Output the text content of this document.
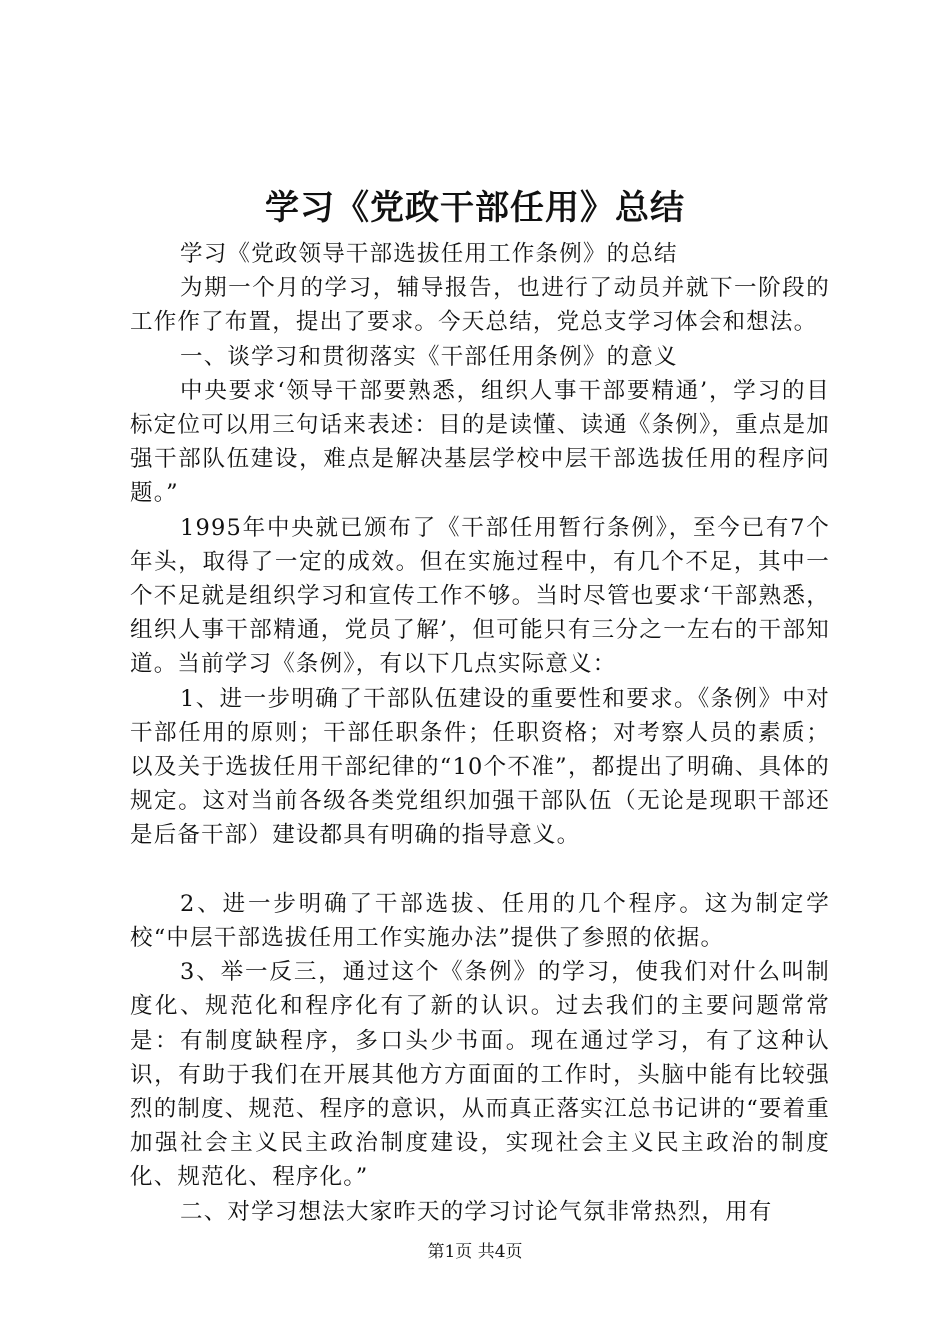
学习《党政干部任用》总结

学习《党政领导干部选拔任用工作条例》的总结

为期一个月的学习，辅导报告，也进行了动员并就下一阶段的工作作了布置，提出了要求。今天总结，党总支学习体会和想法。

一、谈学习和贯彻落实《干部任用条例》的意义

中央要求‘领导干部要熟悉，组织人事干部要精通’，学习的目标定位可以用三句话来表述：目的是读懂、读通《条例》，重点是加强干部队伍建设，难点是解决基层学校中层干部选拔任用的程序问题。”

1995年中央就已颁布了《干部任用暂行条例》，至今已有7个年头，取得了一定的成效。但在实施过程中，有几个不足，其中一个不足就是组织学习和宣传工作不够。当时尽管也要求‘干部熟悉，组织人事干部精通，党员了解’，但可能只有三分之一左右的干部知道。当前学习《条例》，有以下几点实际意义：

1、进一步明确了干部队伍建设的重要性和要求。《条例》中对干部任用的原则；干部任职条件；任职资格；对考察人员的素质；以及关于选拔任用干部纪律的“10个不准”，都提出了明确、具体的规定。这对当前各级各类党组织加强干部队伍（无论是现职干部还是后备干部）建设都具有明确的指导意义。

2、进一步明确了干部选拔、任用的几个程序。这为制定学校“中层干部选拔任用工作实施办法”提供了参照的依据。

3、举一反三，通过这个《条例》的学习，使我们对什么叫制度化、规范化和程序化有了新的认识。过去我们的主要问题常常是：有制度缺程序，多口头少书面。现在通过学习，有了这种认识，有助于我们在开展其他方方面面的工作时，头脑中能有比较强烈的制度、规范、程序的意识，从而真正落实江总书记讲的“要着重加强社会主义民主政治制度建设，实现社会主义民主政治的制度化、规范化、程序化。”

二、对学习想法大家昨天的学习讨论气氛非常热烈，用有

第1页 共4页
